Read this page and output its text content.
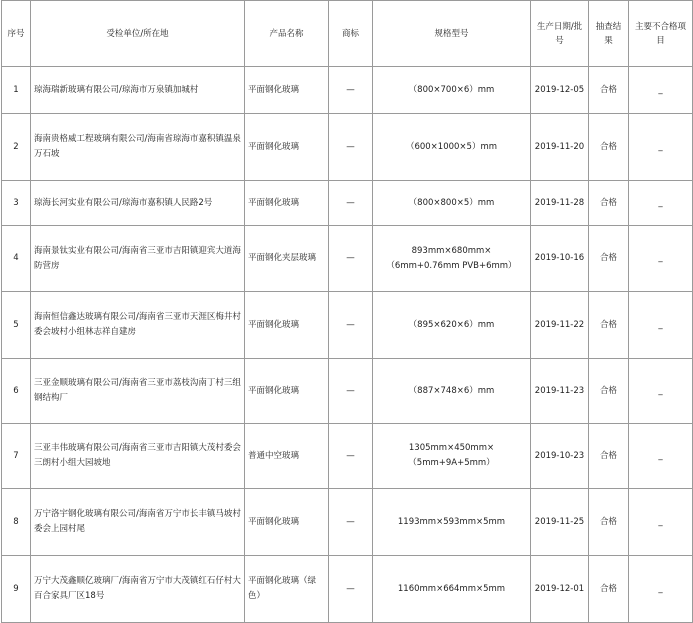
序号	受检单位/所在地	产品名称	商标	规格型号	生产日期/批号	抽查结果	主要不合格项目
1	琼海瑞新玻璃有限公司/琼海市万泉镇加城村	平面钢化玻璃	—	（800×700×6）mm	2019-12-05	合格	_
2	海南贵格威工程玻璃有限公司/海南省琼海市嘉积镇温泉万石坡	平面钢化玻璃	—	（600×1000×5）mm	2019-11-20	合格	_
3	琼海长河实业有限公司/琼海市嘉积镇人民路2号	平面钢化玻璃	—	（800×800×5）mm	2019-11-28	合格	_
4	海南景钛实业有限公司/海南省三亚市吉阳镇迎宾大道海防营房	平面钢化夹层玻璃	—	893mm×680mm×（6mm+0.76mm PVB+6mm）	2019-10-16	合格	_
5	海南恒信鑫达玻璃有限公司/海南省三亚市天涯区梅井村委会坡村小组林志祥自建房	平面钢化玻璃	—	（895×620×6）mm	2019-11-22	合格	_
6	三亚金顺玻璃有限公司/海南省三亚市荔枝沟南丁村三组钢结构厂	平面钢化玻璃	—	（887×748×6）mm	2019-11-23	合格	_
7	三亚丰伟玻璃有限公司/海南省三亚市吉阳镇大茂村委会三朗村小组大园坡地	普通中空玻璃	—	1305mm×450mm×（5mm+9A+5mm）	2019-10-23	合格	_
8	万宁洛宇钢化玻璃有限公司/海南省万宁市长丰镇马坡村委会上园村尾	平面钢化玻璃	—	1193mm×593mm×5mm	2019-11-25	合格	_
9	万宁大茂鑫顺亿玻璃厂/海南省万宁市大茂镇红石仔村大百合家具厂区18号	平面钢化玻璃（绿色）	—	1160mm×664mm×5mm	2019-12-01	合格	_
